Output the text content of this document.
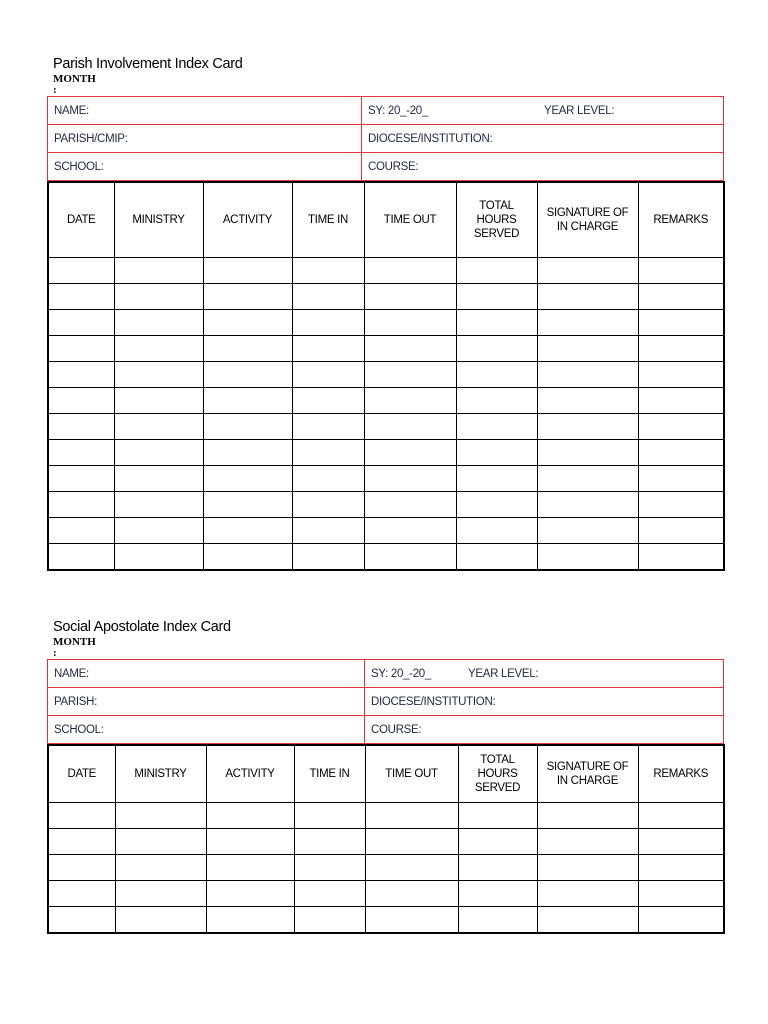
Parish Involvement Index Card
MONTH
:
NAME:	SY: 20_-20_ YEAR LEVEL:
PARISH/CMIP:	DIOCESE/INSTITUTION:
SCHOOL:	COURSE:
DATE	MINISTRY	ACTIVITY	TIME IN	TIME OUT	TOTAL HOURS SERVED	SIGNATURE OF IN CHARGE	REMARKS

Social Apostolate Index Card
MONTH
:
NAME:	SY: 20_-20_ YEAR LEVEL:
PARISH:	DIOCESE/INSTITUTION:
SCHOOL:	COURSE:
DATE	MINISTRY	ACTIVITY	TIME IN	TIME OUT	TOTAL HOURS SERVED	SIGNATURE OF IN CHARGE	REMARKS
